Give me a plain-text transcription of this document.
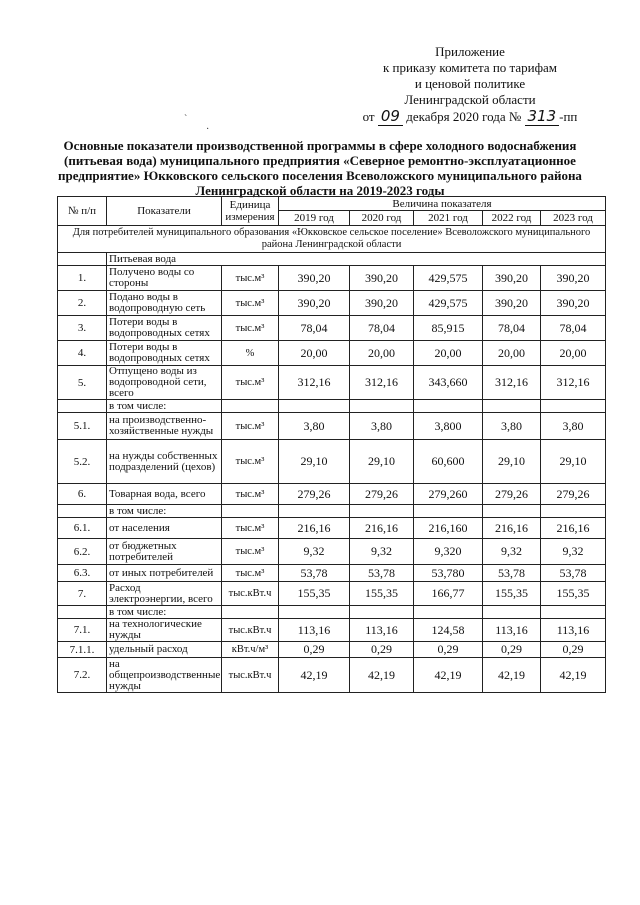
Приложение
к приказу комитета по тарифам
и ценовой политике
Ленинградской области
от 09 декабря 2020 года № 313 -пп
`
·
Основные показатели производственной программы в сфере холодного водоснабжения (питьевая вода) муниципального предприятия «Северное ремонтно-эксплуатационное предприятие» Юкковского сельского поселения Всеволожского муниципального района Ленинградской области на 2019-2023 годы
№ п/п	Показатели	Единица измерения	Величина показателя				
			2019 год	2020 год	2021 год	2022 год	2023 год
Для потребителей муниципального образования «Юкковское сельское поселение» Всеволожского муниципального района Ленинградской области							
	Питьевая вода						
1.	Получено воды со стороны	тыс.м³	390,20	390,20	429,575	390,20	390,20
2.	Подано воды в водопроводную сеть	тыс.м³	390,20	390,20	429,575	390,20	390,20
3.	Потери воды в водопроводных сетях	тыс.м³	78,04	78,04	85,915	78,04	78,04
4.	Потери воды в водопроводных сетях	%	20,00	20,00	20,00	20,00	20,00
5.	Отпущено воды из водопроводной сети, всего	тыс.м³	312,16	312,16	343,660	312,16	312,16
	в том числе:						
5.1.	на производственно-хозяйственные нужды	тыс.м³	3,80	3,80	3,800	3,80	3,80
5.2.	на нужды собственных подразделений (цехов)	тыс.м³	29,10	29,10	60,600	29,10	29,10
6.	Товарная вода, всего	тыс.м³	279,26	279,26	279,260	279,26	279,26
	в том числе:						
6.1.	от населения	тыс.м³	216,16	216,16	216,160	216,16	216,16
6.2.	от бюджетных потребителей	тыс.м³	9,32	9,32	9,320	9,32	9,32
6.3.	от иных потребителей	тыс.м³	53,78	53,78	53,780	53,78	53,78
7.	Расход электроэнергии, всего	тыс.кВт.ч	155,35	155,35	166,77	155,35	155,35
	в том числе:						
7.1.	на технологические нужды	тыс.кВт.ч	113,16	113,16	124,58	113,16	113,16
7.1.1.	удельный расход	кВт.ч/м³	0,29	0,29	0,29	0,29	0,29
7.2.	на общепроизводственные нужды	тыс.кВт.ч	42,19	42,19	42,19	42,19	42,19
